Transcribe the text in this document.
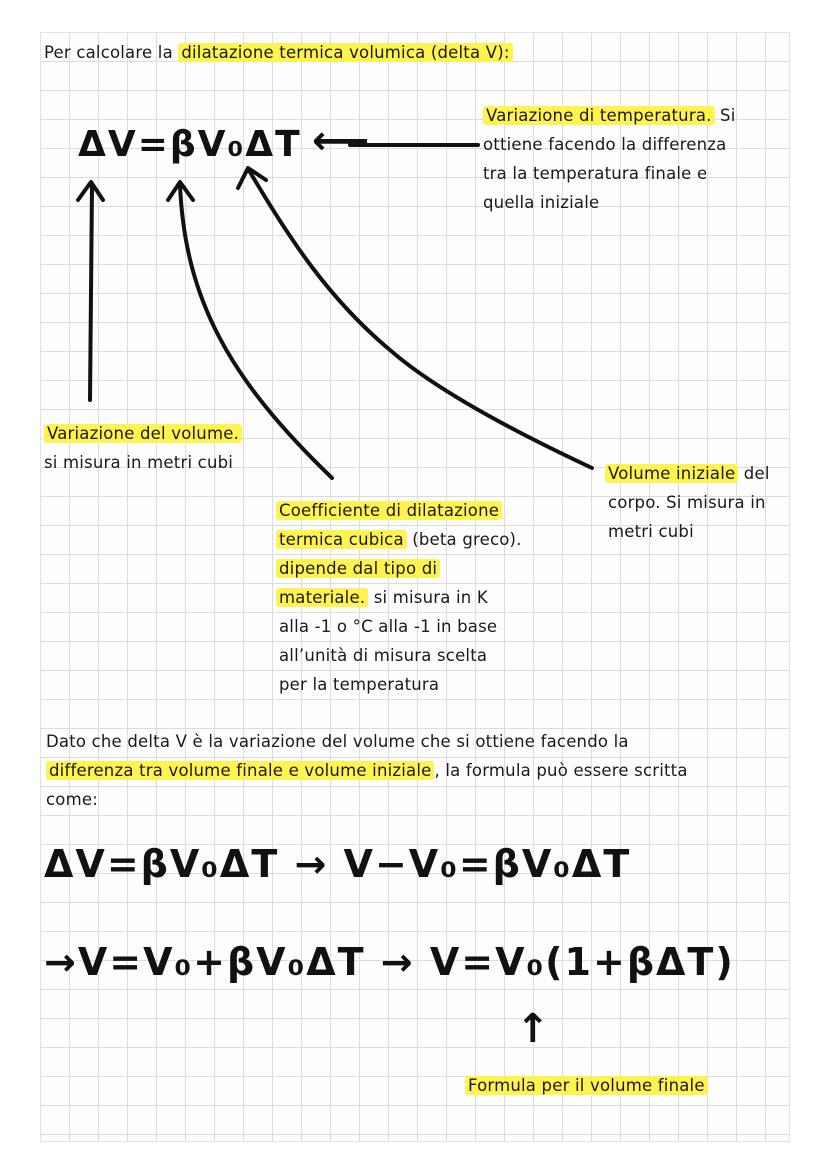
Per calcolare la dilatazione termica volumica (delta V):
ΔV=βV₀ΔT ⟵
Variazione di temperatura. Si
ottiene facendo la differenza
tra la temperatura finale e
quella iniziale
Variazione del volume.
si misura in metri cubi
Coefficiente di dilatazione
termica cubica (beta greco).
dipende dal tipo di
materiale. si misura in K
alla -1 o °C alla -1 in base
all’unità di misura scelta
per la temperatura
Volume iniziale del
corpo. Si misura in
metri cubi
Dato che delta V è la variazione del volume che si ottiene facendo la
differenza tra volume finale e volume iniziale , la formula può essere scritta
come:
ΔV=βV₀ΔT → V−V₀=βV₀ΔT
→V=V₀+βV₀ΔT → V=V₀(1+βΔT)
↑
Formula per il volume finale
